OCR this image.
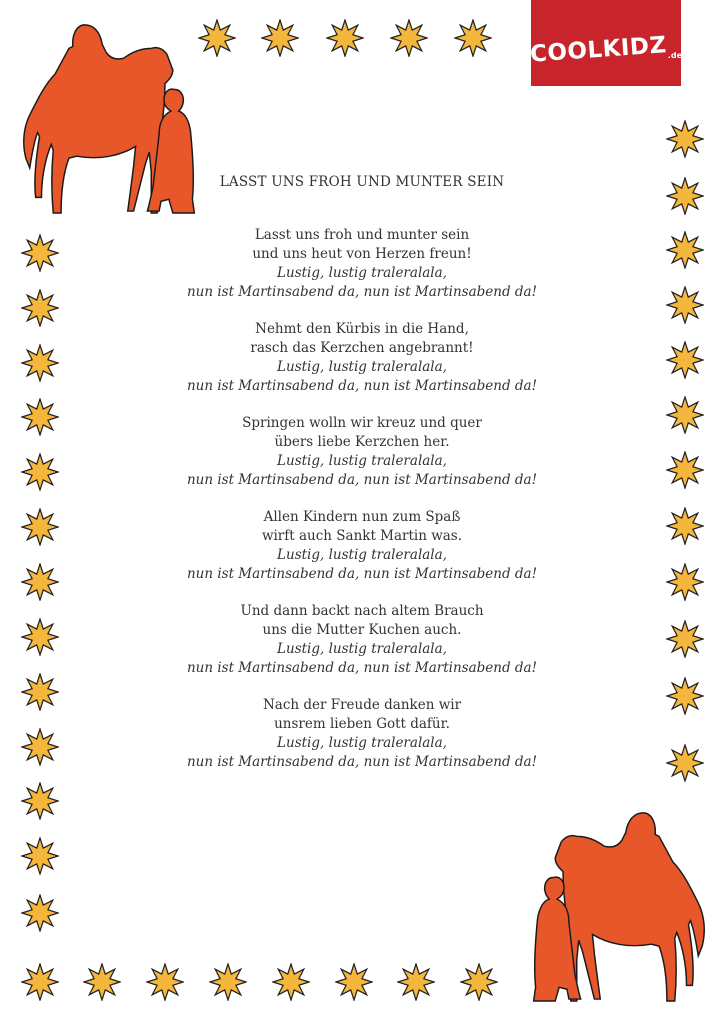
COOLKIDZ .de
LASST UNS FROH UND MUNTER SEIN
Lasst uns froh und munter sein
und uns heut von Herzen freun!
Lustig, lustig traleralala,
nun ist Martinsabend da, nun ist Martinsabend da!
Nehmt den Kürbis in die Hand,
rasch das Kerzchen angebrannt!
Lustig, lustig traleralala,
nun ist Martinsabend da, nun ist Martinsabend da!
Springen wolln wir kreuz und quer
übers liebe Kerzchen her.
Lustig, lustig traleralala,
nun ist Martinsabend da, nun ist Martinsabend da!
Allen Kindern nun zum Spaß
wirft auch Sankt Martin was.
Lustig, lustig traleralala,
nun ist Martinsabend da, nun ist Martinsabend da!
Und dann backt nach altem Brauch
uns die Mutter Kuchen auch.
Lustig, lustig traleralala,
nun ist Martinsabend da, nun ist Martinsabend da!
Nach der Freude danken wir
unsrem lieben Gott dafür.
Lustig, lustig traleralala,
nun ist Martinsabend da, nun ist Martinsabend da!
